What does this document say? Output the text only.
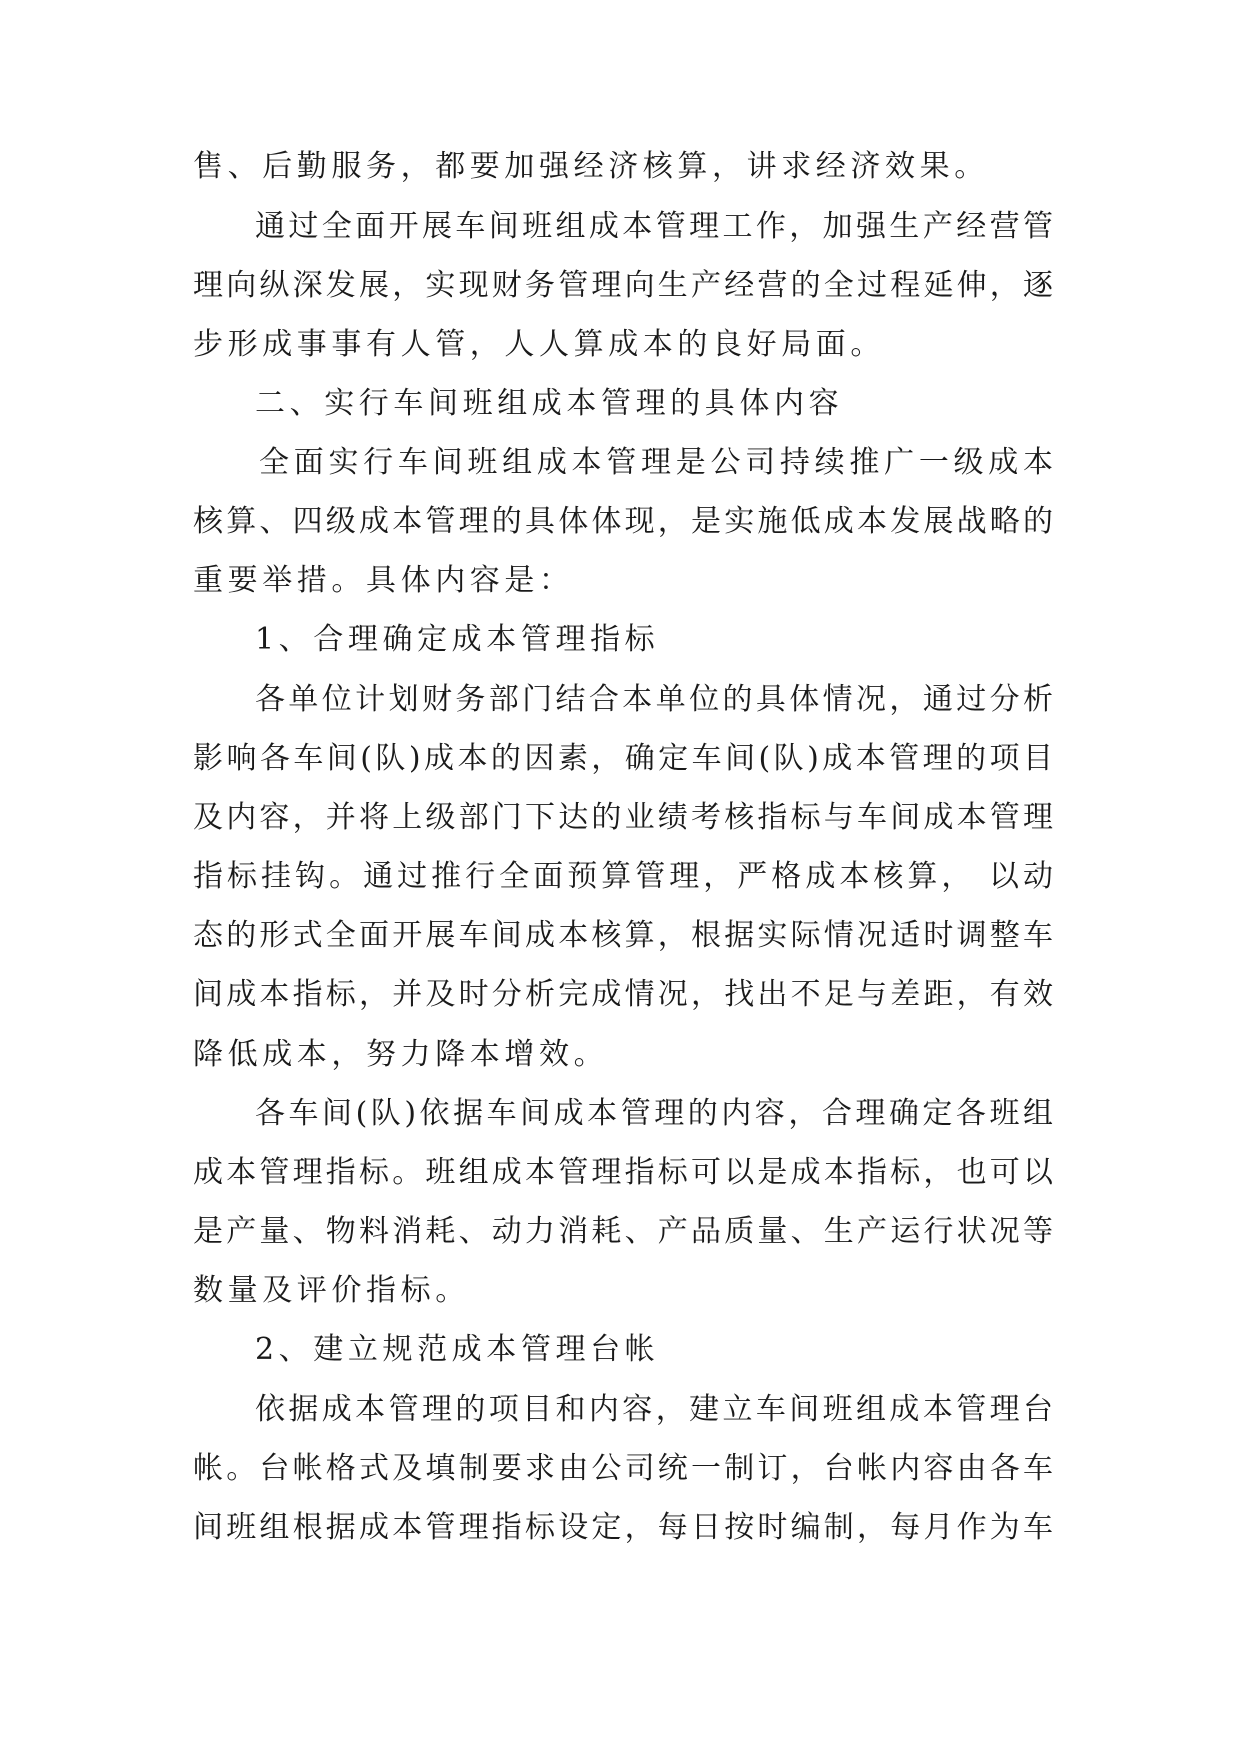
售、后勤服务，都要加强经济核算，讲求经济效果。
通过全面开展车间班组成本管理工作，加强生产经营管
理向纵深发展，实现财务管理向生产经营的全过程延伸，逐
步形成事事有人管，人人算成本的良好局面。
二、实行车间班组成本管理的具体内容
全面实行车间班组成本管理是公司持续推广一级成本
核算、四级成本管理的具体体现，是实施低成本发展战略的
重要举措。具体内容是：
1、合理确定成本管理指标
各单位计划财务部门结合本单位的具体情况，通过分析
影响各车间(队)成本的因素，确定车间(队)成本管理的项目
及内容，并将上级部门下达的业绩考核指标与车间成本管理
指标挂钩。通过推行全面预算管理，严格成本核算， 以动
态的形式全面开展车间成本核算，根据实际情况适时调整车
间成本指标，并及时分析完成情况，找出不足与差距，有效
降低成本，努力降本增效。
各车间(队)依据车间成本管理的内容，合理确定各班组
成本管理指标。班组成本管理指标可以是成本指标，也可以
是产量、物料消耗、动力消耗、产品质量、生产运行状况等
数量及评价指标。
2、建立规范成本管理台帐
依据成本管理的项目和内容，建立车间班组成本管理台
帐。台帐格式及填制要求由公司统一制订，台帐内容由各车
间班组根据成本管理指标设定，每日按时编制，每月作为车
